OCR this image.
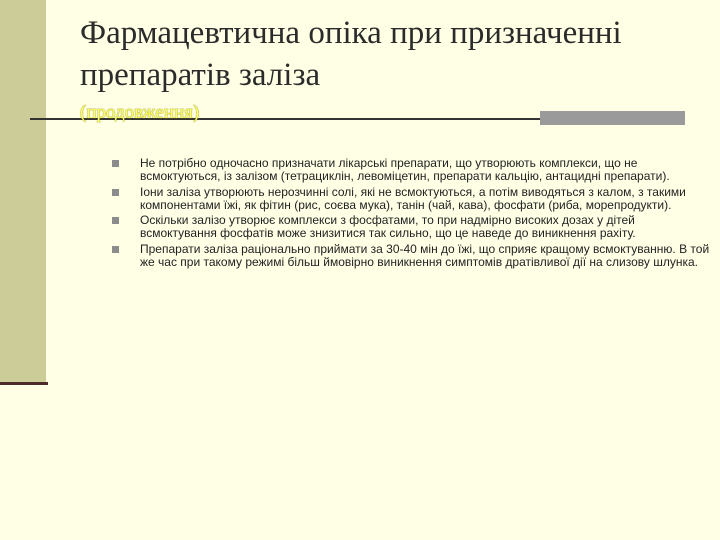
Фармацевтична опіка при призначенні препаратів заліза
(продовження)
Не потрібно одночасно призначати лікарські препарати, що утворюють комплекси, що не всмоктуються, із залізом (тетрациклін, левоміцетин, препарати кальцію, антацидні препарати).
Іони заліза утворюють нерозчинні солі, які не всмоктуються, а потім виводяться з калом, з такими компонентами їжі, як фітин (рис, соєва мука), танін (чай, кава), фосфати (риба, морепродукти).
Оскільки залізо утворює комплекси з фосфатами, то при надмірно високих дозах у дітей всмоктування фосфатів може знизитися так сильно, що це наведе до виникнення рахіту.
Препарати заліза раціонально приймати за 30-40 мін до їжі, що сприяє кращому всмоктуванню. В той же час при такому режимі більш ймовірно виникнення симптомів дратівливої дії на слизову шлунка.
